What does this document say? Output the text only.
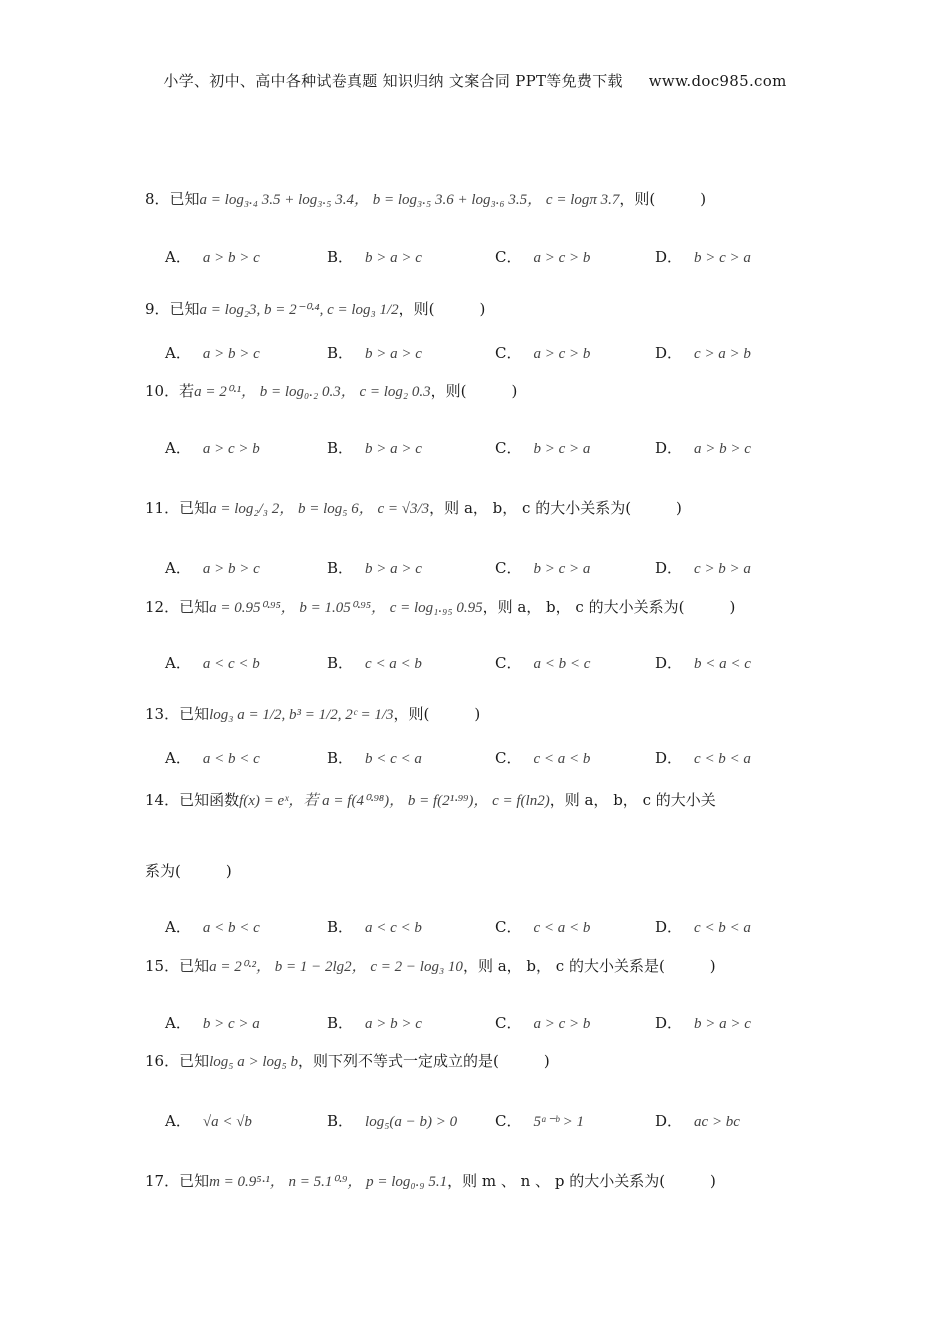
小学、初中、高中各种试卷真题 知识归纳 文案合同 PPT等免费下载 www.doc985.com
8．已知a = log₃.₄ 3.5 + log₃.₅ 3.4， b = log₃.₅ 3.6 + log₃.₆ 3.5， c = logπ 3.7，则(　　　)
A． a > b > c	B． b > a > c	C． a > c > b	D． b > c > a
9．已知a = log₂3, b = 2⁻⁰·⁴, c = log₃ 1/2，则(　　　)
A． a > b > c	B． b > a > c	C． a > c > b	D． c > a > b
10．若a = 2⁰·¹， b = log₀.₂ 0.3， c = log₂ 0.3，则(　　　)
A． a > c > b	B． b > a > c	C． b > c > a	D． a > b > c
11．已知a = log₂/₃ 2， b = log₅ 6， c = √3/3，则 a， b， c 的大小关系为(　　　)
A． a > b > c	B． b > a > c	C． b > c > a	D． c > b > a
12．已知a = 0.95⁰·⁹⁵， b = 1.05⁰·⁹⁵， c = log₁.₉₅ 0.95，则 a， b， c 的大小关系为(　　　)
A． a < c < b	B． c < a < b	C． a < b < c	D． b < a < c
13．已知log₃ a = 1/2, b³ = 1/2, 2ᶜ = 1/3，则(　　　)
A． a < b < c	B． b < c < a	C． c < a < b	D． c < b < a
14．已知函数f(x) = eˣ，若 a = f(4⁰·⁹⁸)， b = f(2¹·⁹⁹)， c = f(ln2)，则 a， b， c 的大小关
系为(　　　)
A． a < b < c	B． a < c < b	C． c < a < b	D． c < b < a
15．已知a = 2⁰·²， b = 1 − 2lg2， c = 2 − log₃ 10，则 a， b， c 的大小关系是(　　　)
A． b > c > a	B． a > b > c	C． a > c > b	D． b > a > c
16．已知log₅ a > log₅ b，则下列不等式一定成立的是(　　　)
A． √a < √b	B． log₅(a − b) > 0	C． 5ᵃ⁻ᵇ > 1	D． ac > bc
17．已知m = 0.9⁵·¹， n = 5.1⁰·⁹， p = log₀.₉ 5.1，则 m 、 n 、 p 的大小关系为(　　　)
